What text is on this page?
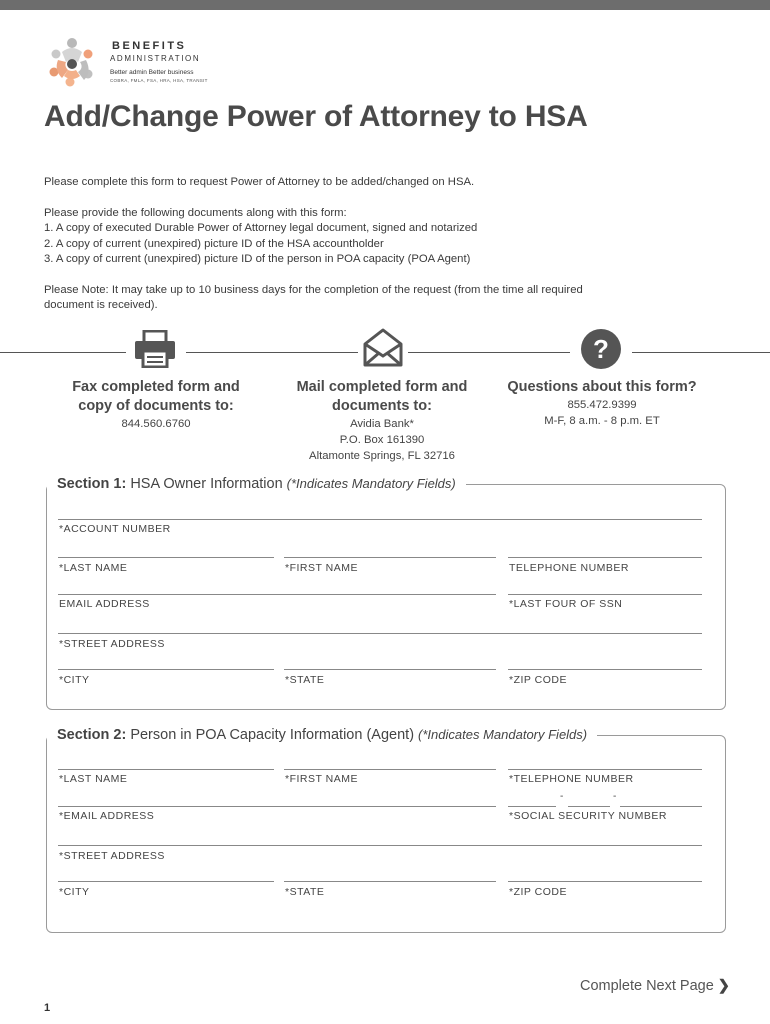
BENEFITS
ADMINISTRATION
Better admin Better business
COBRA, FMLA, FSA, HRA, HSA, TRANSIT
Add/Change Power of Attorney to HSA
Please complete this form to request Power of Attorney to be added/changed on HSA.
Please provide the following documents along with this form:
1. A copy of executed Durable Power of Attorney legal document, signed and notarized
2. A copy of current (unexpired) picture ID of the HSA accountholder
3. A copy of current (unexpired) picture ID of the person in POA capacity (POA Agent)
Please Note: It may take up to 10 business days for the completion of the request (from the time all required
document is received).
?
Fax completed form and
copy of documents to:
844.560.6760
Mail completed form and
documents to:
Avidia Bank*
P.O. Box 161390
Altamonte Springs, FL 32716
Questions about this form?
855.472.9399
M-F, 8 a.m. - 8 p.m. ET
Section 1: HSA Owner Information (*Indicates Mandatory Fields)
*ACCOUNT NUMBER
*LAST NAME	*FIRST NAME	TELEPHONE NUMBER
EMAIL ADDRESS	*LAST FOUR OF SSN
*STREET ADDRESS
*CITY	*STATE	*ZIP CODE
Section 2: Person in POA Capacity Information (Agent) (*Indicates Mandatory Fields)
*LAST NAME	*FIRST NAME	*TELEPHONE NUMBER
-	-
*EMAIL ADDRESS	*SOCIAL SECURITY NUMBER
*STREET ADDRESS
*CITY	*STATE	*ZIP CODE
Complete Next Page ❯
1
